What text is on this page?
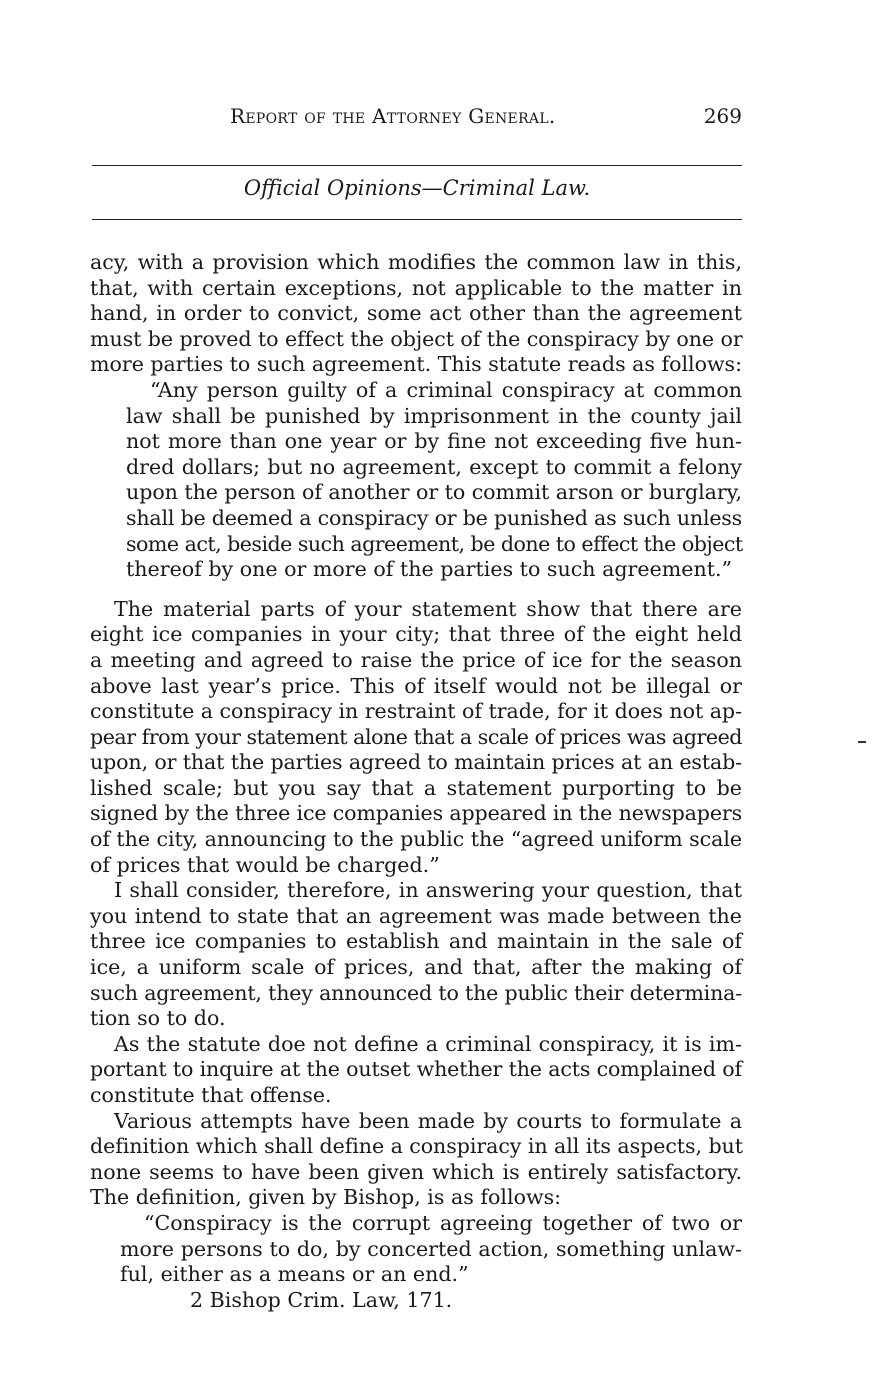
Report of the Attorney General.	269
Official Opinions—Criminal Law.
acy, with a provision which modifies the common law in this,
that, with certain exceptions, not applicable to the matter in
hand, in order to convict, some act other than the agreement
must be proved to effect the object of the conspiracy by one or
more parties to such agreement. This statute reads as follows:
“Any person guilty of a criminal conspiracy at common
law shall be punished by imprisonment in the county jail
not more than one year or by fine not exceeding five hun-
dred dollars; but no agreement, except to commit a felony
upon the person of another or to commit arson or burglary,
shall be deemed a conspiracy or be punished as such unless
some act, beside such agreement, be done to effect the object
thereof by one or more of the parties to such agreement.”
The material parts of your statement show that there are
eight ice companies in your city; that three of the eight held
a meeting and agreed to raise the price of ice for the season
above last year’s price. This of itself would not be illegal or
constitute a conspiracy in restraint of trade, for it does not ap-
pear from your statement alone that a scale of prices was agreed
upon, or that the parties agreed to maintain prices at an estab-
lished scale; but you say that a statement purporting to be
signed by the three ice companies appeared in the newspapers
of the city, announcing to the public the “agreed uniform scale
of prices that would be charged.”
I shall consider, therefore, in answering your question, that
you intend to state that an agreement was made between the
three ice companies to establish and maintain in the sale of
ice, a uniform scale of prices, and that, after the making of
such agreement, they announced to the public their determina-
tion so to do.
As the statute doe not define a criminal conspiracy, it is im-
portant to inquire at the outset whether the acts complained of
constitute that offense.
Various attempts have been made by courts to formulate a
definition which shall define a conspiracy in all its aspects, but
none seems to have been given which is entirely satisfactory.
The definition, given by Bishop, is as follows:
“Conspiracy is the corrupt agreeing together of two or
more persons to do, by concerted action, something unlaw-
ful, either as a means or an end.”
2 Bishop Crim. Law, 171.
